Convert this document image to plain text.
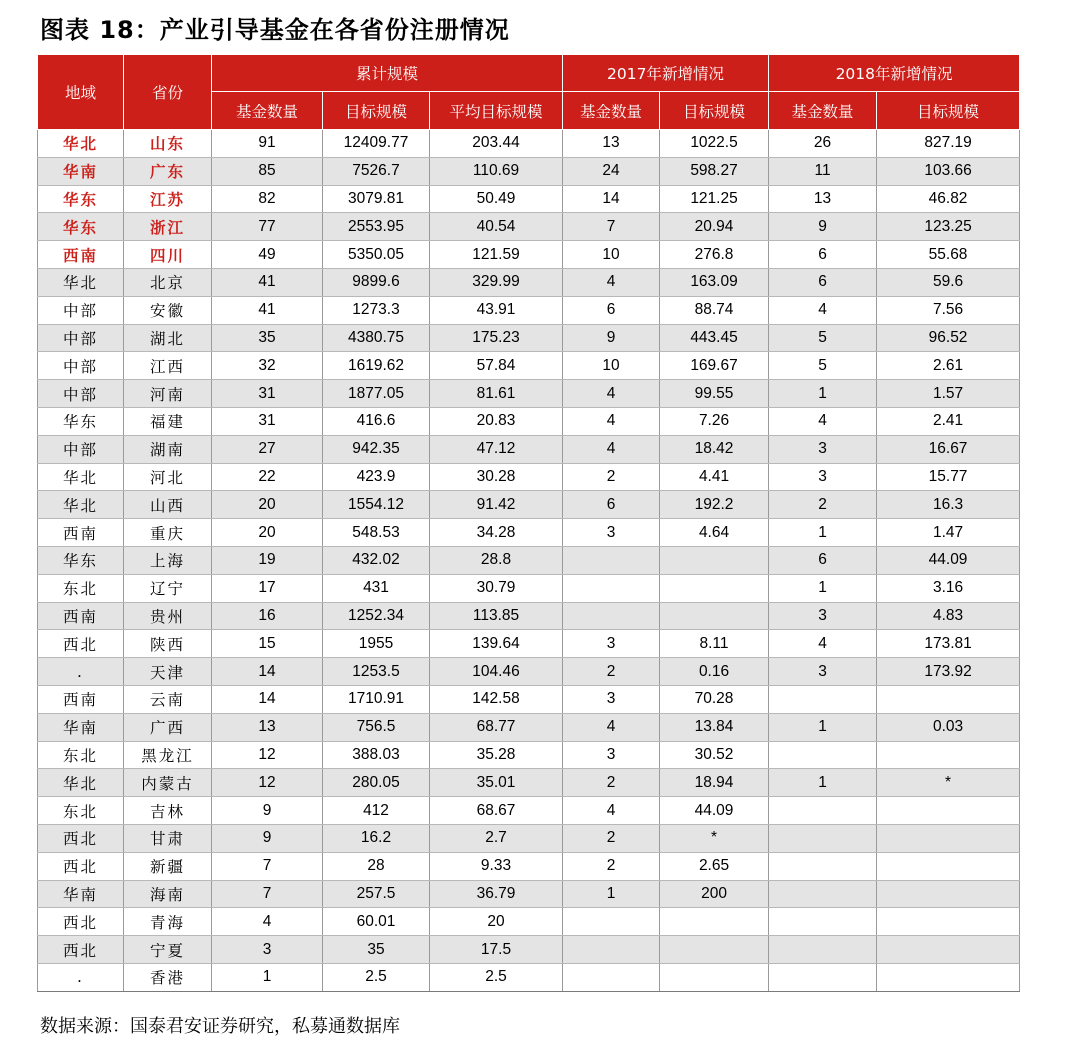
图表 18：产业引导基金在各省份注册情况
地域	省份	累计规模			2017年新增情况		2018年新增情况	
		基金数量	目标规模	平均目标规模	基金数量	目标规模	基金数量	目标规模
华北	山东	91	12409.77	203.44	13	1022.5	26	827.19
华南	广东	85	7526.7	110.69	24	598.27	11	103.66
华东	江苏	82	3079.81	50.49	14	121.25	13	46.82
华东	浙江	77	2553.95	40.54	7	20.94	9	123.25
西南	四川	49	5350.05	121.59	10	276.8	6	55.68
华北	北京	41	9899.6	329.99	4	163.09	6	59.6
中部	安徽	41	1273.3	43.91	6	88.74	4	7.56
中部	湖北	35	4380.75	175.23	9	443.45	5	96.52
中部	江西	32	1619.62	57.84	10	169.67	5	2.61
中部	河南	31	1877.05	81.61	4	99.55	1	1.57
华东	福建	31	416.6	20.83	4	7.26	4	2.41
中部	湖南	27	942.35	47.12	4	18.42	3	16.67
华北	河北	22	423.9	30.28	2	4.41	3	15.77
华北	山西	20	1554.12	91.42	6	192.2	2	16.3
西南	重庆	20	548.53	34.28	3	4.64	1	1.47
华东	上海	19	432.02	28.8			6	44.09
东北	辽宁	17	431	30.79			1	3.16
西南	贵州	16	1252.34	113.85			3	4.83
西北	陕西	15	1955	139.64	3	8.11	4	173.81
.	天津	14	1253.5	104.46	2	0.16	3	173.92
西南	云南	14	1710.91	142.58	3	70.28		
华南	广西	13	756.5	68.77	4	13.84	1	0.03
东北	黑龙江	12	388.03	35.28	3	30.52		
华北	内蒙古	12	280.05	35.01	2	18.94	1	*
东北	吉林	9	412	68.67	4	44.09		
西北	甘肃	9	16.2	2.7	2	*		
西北	新疆	7	28	9.33	2	2.65		
华南	海南	7	257.5	36.79	1	200		
西北	青海	4	60.01	20				
西北	宁夏	3	35	17.5				
.	香港	1	2.5	2.5				
数据来源：国泰君安证券研究，私募通数据库
